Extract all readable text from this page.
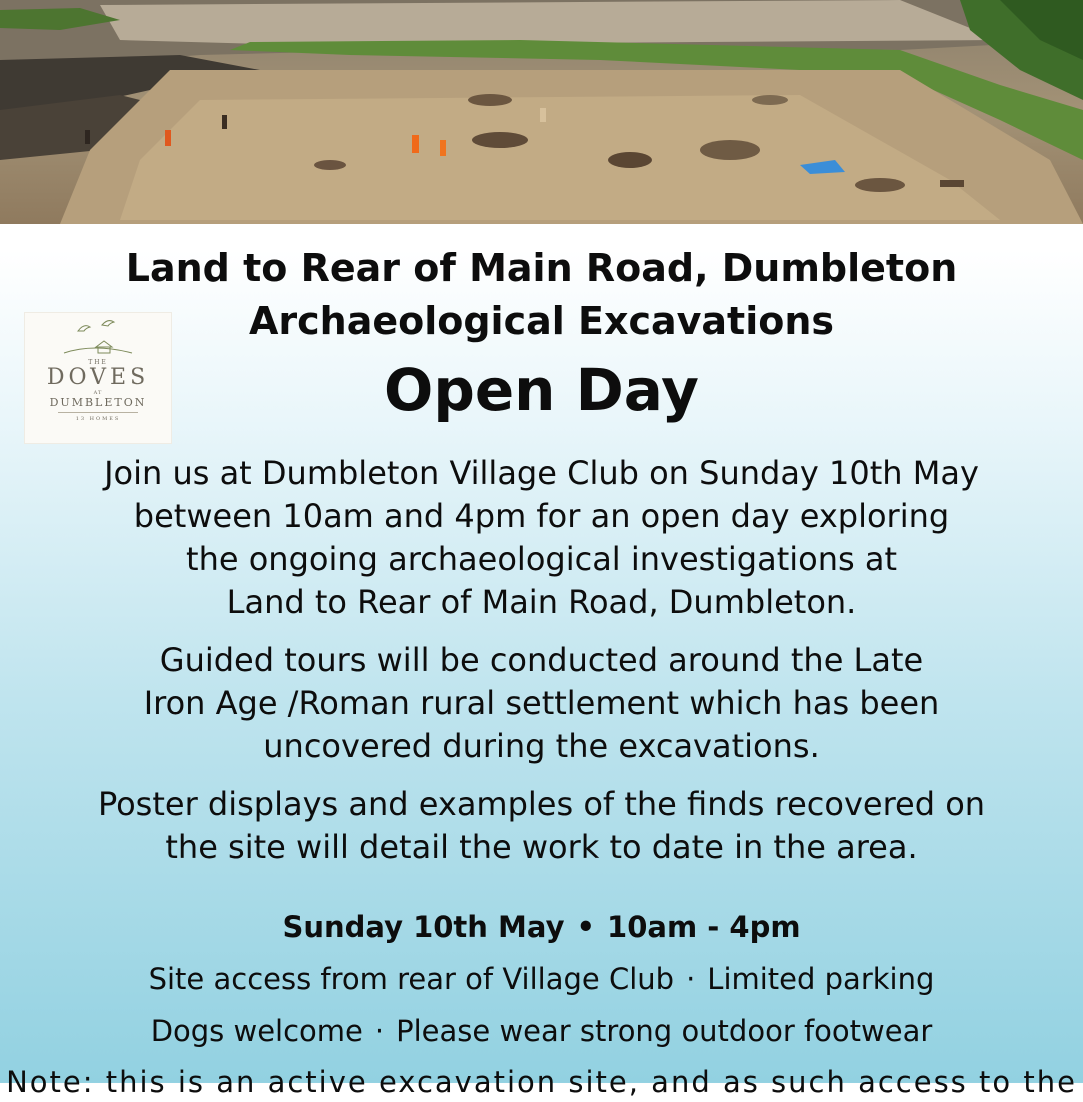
THE
DOVES
AT
DUMBLETON
13 HOMES
Land to Rear of Main Road, Dumbleton
Archaeological Excavations
Open Day
Join us at Dumbleton Village Club on Sunday 10th May
between 10am and 4pm for an open day exploring
the ongoing archaeological investigations at
Land to Rear of Main Road, Dumbleton.
Guided tours will be conducted around the Late
Iron Age /Roman rural settlement which has been
uncovered during the excavations.
Poster displays and examples of the finds recovered on
the site will detail the work to date in the area.
Sunday 10th May • 10am - 4pm
Site access from rear of Village Club · Limited parking
Dogs welcome · Please wear strong outdoor footwear
Note: this is an active excavation site, and as such access to the
